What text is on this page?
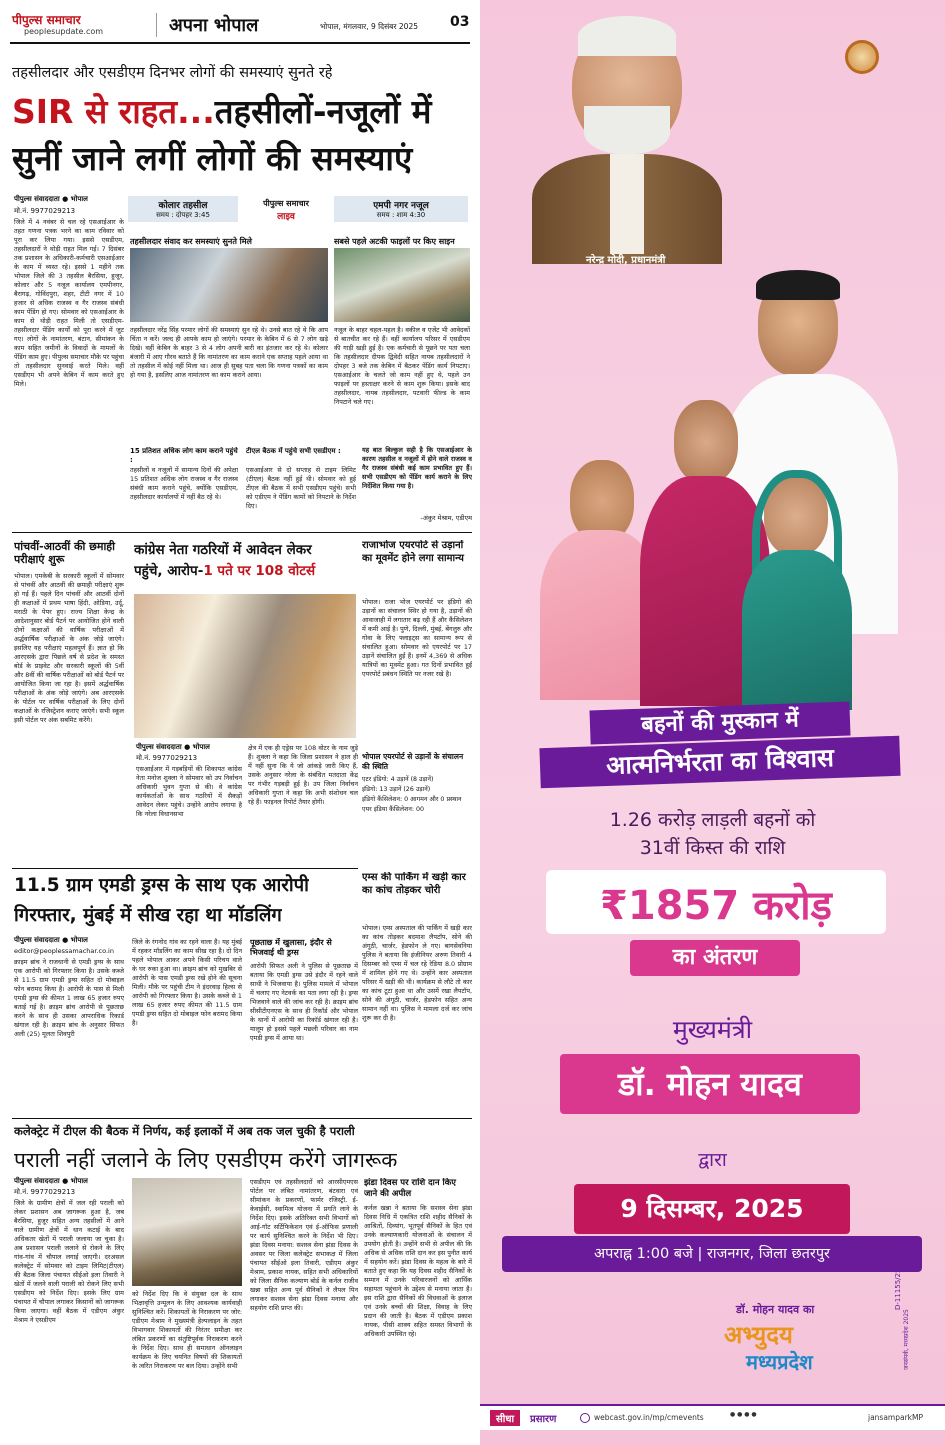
पीपुल्स समाचार
peoplesupdate.com	अपना भोपाल	भोपाल, मंगलवार, 9 दिसंबर 2025 03
तहसीलदार और एसडीएम दिनभर लोगों की समस्याएं सुनते रहे
SIR से राहत...तहसीलों-नजूलों में
सुनीं जाने लगीं लोगों की समस्याएं
पीपुल्स संवाददाता ● भोपाल
मो.नं. 9977029213
जिले में 4 नवंबर से चल रहे एसआईआर के तहत गणना पत्रक भरने का काम रविवार को पूरा कर लिया गया। इससे एसडीएम, तहसीलदारों ने थोड़ी राहत मिल गई। 7 दिसंबर तक प्रशासन के अधिकारी-कर्मचारी एसआईआर के काम में व्यस्त रहे। इससे 1 महीने तक भोपाल जिले की 3 तहसील बैरसिया, हुजूर, कोलार और 5 नजूल कार्यालय एमपीनगर, बैरागढ़, गोविंदपुरा, शहर, टीटी नगर में 10 हजार से अधिक राजस्व व गैर राजस्व संबंधी काम पेंडिंग हो गए। सोमवार को एसआईआर के काम से थोड़ी राहत मिली तो एसडीएम-तहसीलदार पेंडिंग कार्यों को पूरा करने में जुट गए। लोगों के नामांतरण, बंटान, सीमांकन के काम सहित जमीनों के विवादों के मामलों के पेंडिंग काम हुए। पीपुल्स समाचार मौके पर पहुंचा तो तहसीलदार सुनवाई करते मिले। वहीं एसडीएम भी अपने केबिन में काम करते हुए मिले।
कोलार तहसील
समय : दोपहर 3:45
पीपुल्स समाचार
लाइव
एमपी नगर नजूल
समय : शाम 4:30
तहसीलदार संवाद कर समस्याएं सुनते मिले	सबसे पहले अटकी फाइलों पर किए साइन
तहसीलदार नरेंद्र सिंह परमार लोगों की समस्याएं सुन रहे थे। उनसे बात रहे थे कि आप चिंता न करें। जल्द ही आपके काम हो जाएंगे। परमार के केबिन में 6 से 7 लोग खड़े दिखे। वहीं केबिन के बाहर 3 से 4 लोग अपनी बारी का इंतजार कर रहे थे। कोलार बंजारी में आए गौरव बताते हैं कि नामांतरण का काम कराने एक सप्ताह पहले आया था तो तहसील में कोई नहीं मिला था। आज ही सुबह पता चला कि गणना पत्रकों का काम हो गया है, इसलिए आज नामांतरण का काम कराने आया।
नजूल के बाहर चहल-पहल है। वकील व एजेंट भी आवेदकों से बातचीत कर रहे हैं। वहीं कार्यालय परिसर में एसडीएम की गाड़ी खड़ी हुई है। एक कर्मचारी से पूछने पर पता चला कि तहसीलदार दीपक द्विवेदी सहित नायब तहसीलदारों ने दोपहर 3 बजे तक केबिन में बैठकर पेंडिंग कार्य निपटाए। एसआईआर के चलते जो काम नहीं हुए थे, पहले उन फाइलों पर हस्ताक्षर करने से काम शुरू किया। इसके बाद तहसीलदार, नायब तहसीलदार, पटवारी फील्ड के काम निपटाने चले गए।
15 प्रतिशत अधिक लोग काम कराने पहुंचे :
तहसीलों व नजूलों में सामान्य दिनों की अपेक्षा 15 प्रतिशत अधिक लोग राजस्व व गैर राजस्व संबंधी काम कराने पहुंचे, क्योंकि एसडीएम, तहसीलदार कार्यालयों में नहीं बैठ रहे थे।
टीएल बैठक में पहुंचे सभी एसडीएम :
एसआईआर से दो सप्ताह से टाइम लिमिट (टीएल) बैठक नहीं हुई थी। सोमवार को हुई टीएल की बैठक में सभी एसडीएम पहुंचे। सभी को एडीएम ने पेंडिंग कामों को निपटाने के निर्देश दिए।
यह बात बिल्कुल सही है कि एसआईआर के कारण तहसील व नजूलों में होने वाले राजस्व व गैर राजस्व संबंधी कई काम प्रभावित हुए हैं। सभी एसडीएम को पेंडिंग कार्य कराने के लिए निर्देशित किया गया है।
-अंकुर मेश्राम, एडीएम
पांचवीं-आठवीं की छमाही परीक्षाएं शुरू
भोपाल। एमकेबी के सरकारी स्कूलों में सोमवार से पांचवीं और आठवीं की छमाही परीक्षाएं शुरू हो गई हैं। पहले दिन पांचवीं और आठवीं दोनों ही कक्षाओं में प्रथम भाषा हिंदी, ओडिया, उर्दू, मराठी के पेपर हुए। राज्य शिक्षा केन्द्र के आदेशानुसार बोर्ड पैटर्न पर आयोजित होने वाली दोनों कक्षाओं की वार्षिक परीक्षाओं में अर्द्धवार्षिक परीक्षाओं के अंक जोड़े जाएंगे। इसलिए यह परीक्षाएं महत्वपूर्ण हैं। ज्ञात हो कि आरएसके द्वारा पिछले वर्ष से प्रदेश के समस्त बोर्ड के प्राइवेट और सरकारी स्कूलों की 5वीं और 8वीं की वार्षिक परीक्षाओं को बोर्ड पैटर्न पर आयोजित किया जा रहा है। इसमें अर्द्धवार्षिक परीक्षाओं के अंक जोड़े जाएंगे। अब आरएसके के पोर्टल पर वार्षिक परीक्षाओं के लिए दोनों कक्षाओं के रजिस्ट्रेशन कराए जाएंगे। सभी स्कूल इसी पोर्टल पर अंक सबमिट करेंगे।
कांग्रेस नेता गठरियों में आवेदन लेकर
पहुंचे, आरोप-1 पते पर 108 वोटर्स
पीपुल्स संवाददाता ● भोपाल
मो.नं. 9977029213
एसआईआर में गड़बड़ियों की शिकायत कांग्रेस नेता मनोज शुक्ला ने सोमवार को उप निर्वाचन अधिकारी भुवन गुप्ता से की। वे कांग्रेस कार्यकर्ताओं के साथ गठरियों में सैकड़ों आवेदन लेकर पहुंचे। उन्होंने आरोप लगाया है कि नरेला विधानसभा
क्षेत्र में एक ही एड्रेस पर 108 वोटर के नाम जुड़े हैं। शुक्ला ने कहा कि जिला प्रशासन ने हाल ही में नहीं सुना कि ये जो आंकड़े जारी किए हैं, उसके अनुसार नरेला के संबंधित मतदाता केंद्र पर गंभीर गड़बड़ी हुई है। उप जिला निर्वाचन अधिकारी गुप्ता ने कहा कि अभी संशोधन चल रहे हैं। फाइनल रिपोर्ट तैयार होगी।
राजाभोज एयरपोर्ट से उड़ानों का मूवमेंट होने लगा सामान्य
भोपाल। राजा भोज एयरपोर्ट पर इंडिगो की उड़ानों का संचालन स्थिर हो गया है, उड़ानों की आवाजाही में लगातार बढ़ रही हैं और कैंसिलेशन में कमी आई है। पुणे, दिल्ली, मुंबई, बेंगलुरु और गोवा के लिए फ्लाइट्स का सामान्य रूप से संचालित हुआ। सोमवार को एयरपोर्ट पर 17 उड़ानें संचालित हुईं हैं। इनमें 4,369 से अधिक यात्रियों का मूवमेंट हुआ। गत दिनों प्रभावित हुईं एयरपोर्ट प्रबंधन स्थिति पर नजर रखे है।
भोपाल एयरपोर्ट से उड़ानों के संचालन की स्थिति
एटर इंडिगो: 4 उड़ानें (8 उड़ानें)
इंडिगो: 13 उड़ानें (26 उड़ानें)
इंडिगो कैंसिलेशन: 0 आगमन और 0 प्रस्थान
एयर इंडिया कैंसिलेशन: 00
एम्स की पार्किंग में खड़ी कार का कांच तोड़कर चोरी
भोपाल। एम्स अस्पताल की पार्किंग में खड़ी कार का कांच तोड़कर बदमाश लैपटॉप, सोने की अंगूठी, चार्जर, हेडफोन ले गए। बागसेवनिया पुलिस ने बताया कि इंजीनियर अरुण तिवारी 4 दिसम्बर को एम्स में चल रहे रेडिया 8.0 प्रोग्राम में शामिल होने गए थे। उन्होंने कार अस्पताल परिसर में खड़ी की थी। कार्यक्रम से लौटे तो कार का कांच टूटा हुआ था और उसमें रखा लैपटॉप, सोने की अंगूठी, चार्जर, हेडफोन सहित अन्य सामान नहीं था। पुलिस ने मामला दर्ज कर जांच शुरू कर दी है।
11.5 ग्राम एमडी ड्रग्स के साथ एक आरोपी
गिरफ्तार, मुंबई में सीख रहा था मॉडलिंग
पीपुल्स संवाददाता ● भोपाल
editor@peoplessamachar.co.in
क्राइम ब्रांच ने राजधानी से एमडी ड्रग्स के साथ एक आरोपी को गिरफ्तार किया है। उसके कब्जे से 11.5 ग्राम एमडी ड्रग्स सहित दो मोबाइल फोन बरामद किया है। आरोपी के पास से मिली एमडी ड्रग्स की कीमत 1 लाख 65 हजार रुपए बताई गई है। क्राइम ब्रांच आरोपी से पूछताछ करने के साथ ही उसका आपराधिक रिकार्ड खंगाल रही है। क्राइम ब्रांच के अनुसार सिफत अली (25) मूलतः शिवपुरी
जिले के रंगनोद गांव का रहने वाला है। यह मुंबई में रहकर मॉडलिंग का काम सीख रहा है। दो दिन पहले भोपाल आकर अपने किसी परिचय वाले के घर रुका हुआ था। क्राइम ब्रांच को मुखबिर से आरोपी के पास एमडी ड्रग्स रखे होने की सूचना मिली। मौके पर पहुंची टीम ने इंदरवाड़ हिल्स से आरोपी को गिरफ्तार किया है। उसके कब्जे से 1 लाख 65 हजार रुपए कीमत की 11.5 ग्राम एमडी ड्रग्स सहित दो मोबाइल फोन बरामद किया है।
पूछताछ में खुलासा, इंदौर से भिजवाई थी ड्रग्स
आरोपी सिफत अली ने पुलिस से पूछताछ में बताया कि एमडी ड्रग्स उसे इंदौर में रहने वाले साथी ने भिजवाया है। पुलिस मामले में भोपाल में चलाए गए नेटवर्क का पता लगा रही है। ड्रग्स भिजवाने वाले की जांच कर रही है। क्राइम ब्रांच सीसीटीएनएस के साथ ही रिकॉर्ड और भोपाल के थानों में आरोपी का रिकॉर्ड खंगाल रही है। मालूम हो इससे पहले मछली परिवार का नाम एमडी ड्रग्स में आया था।
कलेक्ट्रेट में टीएल की बैठक में निर्णय, कई इलाकों में अब तक जल चुकी है पराली
पराली नहीं जलाने के लिए एसडीएम करेंगे जागरूक
पीपुल्स संवाददाता ● भोपाल
मो.नं. 9977029213
जिले के ग्रामीण क्षेत्रों में जल रही पराली को लेकर प्रशासन अब जागरूक हुआ है, जब बैरसिया, हुजूर सहित अन्य तहसीलों में आने वाले ग्रामीण क्षेत्रों में धान कटाई के बाद अधिकतर खेतों में पराली जलाया जा चुका है। अब प्रशासन पराली जलाने से रोकने के लिए गांव-गांव में चौपाल लगाई जाएगी। दरअसल कलेक्ट्रेट में सोमवार को टाइम लिमिट(टीएल) की बैठक जिला पंचायत सीईओ इला तिवारी ने खेतों में जलने वाली पराली को रोकने लिए सभी एसडीएम को निर्देश दिए। इसके लिए ग्राम पंचायत में चौपाल लगाकर किसानों को जागरूक किया जाएगा। वहीं बैठक में एडीएम अंकुर मेश्राम ने एसडीएम
को निर्देश दिए कि वे संयुक्त दल के साथ भिक्षावृत्ति उन्मूलन के लिए आवश्यक कार्यवाही सुनिश्चित करें। शिकायतों के निराकरण पर जोर: एडीएम मेश्राम ने मुख्यमंत्री हेल्पलाइन के तहत विभागवार शिकायतों की निरंतर समीक्षा कर लंबित प्रकरणों का संतुष्टिपूर्वक निराकरण करने के निर्देश दिए। साथ ही समाधान ऑनलाइन कार्यक्रम के लिए चयनित विषयों की शिकायतों के त्वरित निराकरण पर बल दिया। उन्होंने सभी
एसडीएम एवं तहसीलदारों को आरसीएमएस पोर्टल पर लंबित नामांतरण, बंटवारा एवं सीमांकन के प्रकरणों, फार्मर रजिस्ट्री, ई-केवाईसी, स्वामित्व योजना में प्रगति लाने के निर्देश दिए। इसके अतिरिक्त सभी विभागों को आई-गॉट सर्टिफिकेशन एवं ई-ऑफिस प्रणाली पर कार्य सुनिश्चित करने के निर्देश भी दिए। झंडा दिवस मनाया: सशस्त्र सेना झंडा दिवस के अवसर पर जिला कलेक्ट्रेट सभाकक्ष में जिला पंचायत सीईओ इला तिवारी, एडीएम अंकुर मेश्राम, प्रकाश नायक, सहित सभी अधिकारियों को जिला सैनिक कल्याण बोर्ड के कर्नल राजीव खन्ना सहित अन्य पूर्व सैनिकों ने लैपल पिन लगाकर सशस्त्र सेना झंडा दिवस मनाया और सहयोग राशि प्राप्त की।
झंडा दिवस पर राशि दान किए जाने की अपील
कर्नल खन्ना ने बताया कि सशस्त्र सेना झंडा दिवस निधि में एकत्रित राशि शहीद सैनिकों के आश्रितों, दिव्यांग, भूतपूर्व सैनिकों के हित एवं उनके कल्याणकारी योजनाओं के संचालन में उपयोग होती है। उन्होंने सभी से अपील की कि अधिक से अधिक राशि दान कर इस पुनीत कार्य में सहयोग करें। झंडा दिवस के महत्व के बारे में बताते हुए कहा कि यह दिवस शहीद सैनिकों के सम्मान में उनके परिवारजनों को आर्थिक सहायता पहुंचाने के उद्देश्य से मनाया जाता है। इस राशि द्वारा सैनिकों की विधवाओं के इलाज एवं उनके बच्चों की शिक्षा, विवाह के लिए प्रदान की जाती है। बैठक में एडीएम प्रकाश नायक, पीसी शाक्य सहित समस्त विभागों के अधिकारी उपस्थित रहे।
नरेन्द्र मोदी, प्रधानमंत्री
बहनों की मुस्कान में
आत्मनिर्भरता का विश्वास
1.26 करोड़ लाड़ली बहनों को
31वीं किस्त की राशि
₹1857 करोड़
का अंतरण
मुख्यमंत्री
डॉ. मोहन यादव
द्वारा
9 दिसम्बर, 2025
अपराह्न 1:00 बजे | राजनगर, जिला छतरपुर
डॉ. मोहन यादव का
अभ्युदय
मध्यप्रदेश
D-11155/25
जनसंपर्क, मध्यप्रदेश 2025
सीधा	प्रसारण	webcast.gov.in/mp/cmevents	● ● ● ●	jansamparkMP
